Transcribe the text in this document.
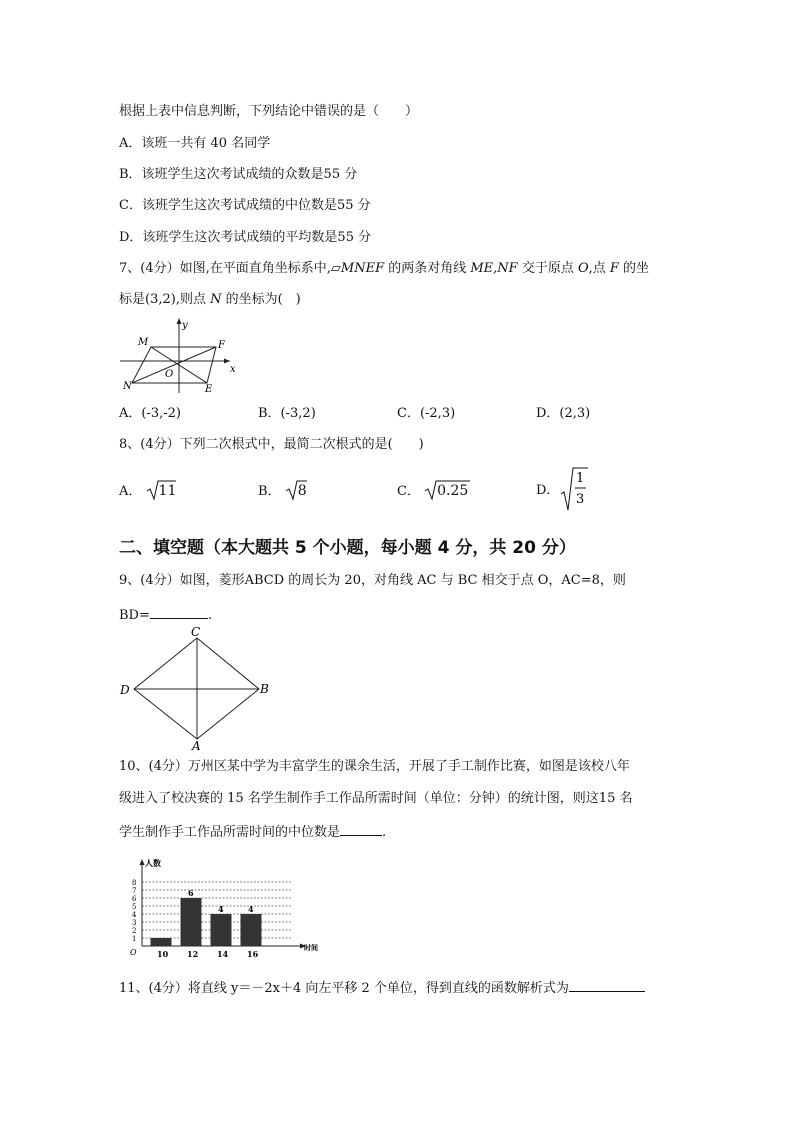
根据上表中信息判断，下列结论中错误的是（　　）
A．该班一共有 40 名同学
B．该班学生这次考试成绩的众数是55 分
C．该班学生这次考试成绩的中位数是55 分
D．该班学生这次考试成绩的平均数是55 分
7、(4分）如图,在平面直角坐标系中,▱MNEF 的两条对角线 ME,NF 交于原点 O,点 F 的坐
标是(3,2),则点 N 的坐标为(　)
y
M	F
O	x
N	E
A．(-3,-2)	B．(-3,2)	C．(-2,3)	D．(2,3)
8、(4分）下列二次根式中，最简二次根式的是(　　)
A． 11	B． 8	C． 0.25	D．
1
3
二、填空题（本大题共 5 个小题，每小题 4 分，共 20 分）
9、(4分）如图，菱形ABCD 的周长为 20，对角线 AC 与 BC 相交于点 O，AC=8，则
BD=	.
C
B
D
A
10、(4分）万州区某中学为丰富学生的课余生活，开展了手工制作比赛，如图是该校八年
级进入了校决赛的 15 名学生制作手工作品所需时间（单位：分钟）的统计图，则这15 名
学生制作手工作品所需时间的中位数是	.
1
2
3
4
5
6
7
8
人数
时间
O	10 12
6
14
4
16
4
11、(4分）将直线 y＝－2x＋4 向左平移 2 个单位，得到直线的函数解析式为
